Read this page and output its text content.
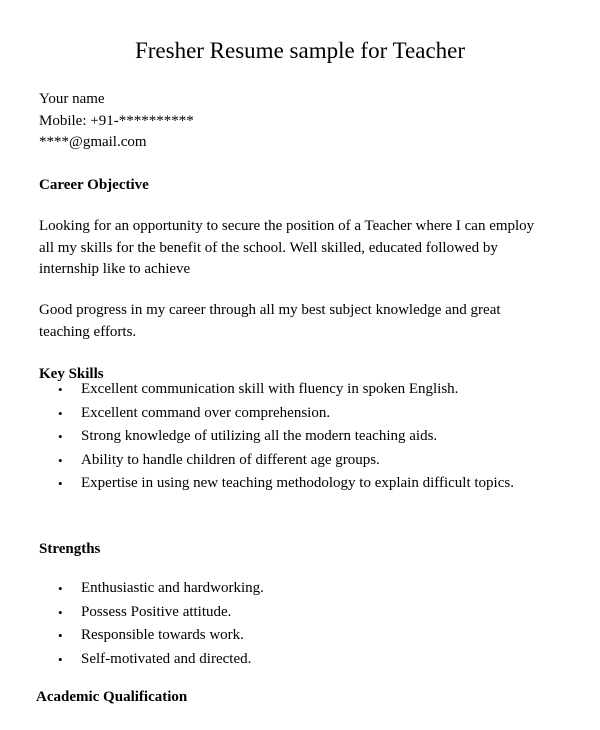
Fresher Resume sample for Teacher
Your name
Mobile: +91-**********
****@gmail.com
Career Objective
Looking for an opportunity to secure the position of a Teacher where I can employ
all my skills for the benefit of the school. Well skilled, educated followed by
internship like to achieve
Good progress in my career through all my best subject knowledge and great
teaching efforts.
Key Skills
• Excellent communication skill with fluency in spoken English.
• Excellent command over comprehension.
• Strong knowledge of utilizing all the modern teaching aids.
• Ability to handle children of different age groups.
• Expertise in using new teaching methodology to explain difficult topics.
Strengths
• Enthusiastic and hardworking.
• Possess Positive attitude.
• Responsible towards work.
• Self-motivated and directed.
Academic Qualification
